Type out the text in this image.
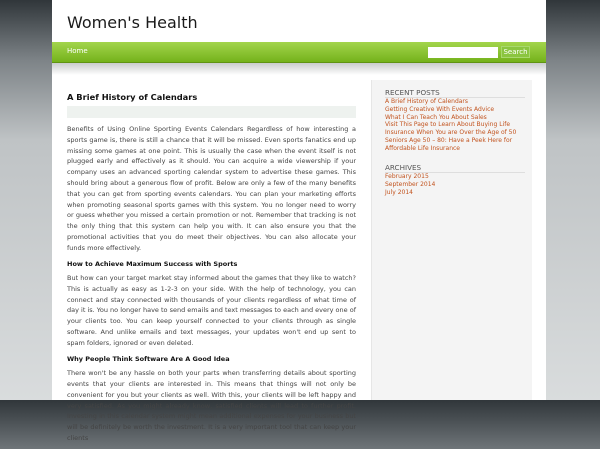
Women's Health
Home	Search
A Brief History of Calendars

Benefits of Using Online Sporting Events Calendars Regardless of how interesting a sports game is, there is still a chance that it will be missed. Even sports fanatics end up missing some games at one point. This is usually the case when the event itself is not plugged early and effectively as it should. You can acquire a wide viewership if your company uses an advanced sporting calendar system to advertise these games. This should bring about a generous flow of profit. Below are only a few of the many benefits that you can get from sporting events calendars. You can plan your marketing efforts when promoting seasonal sports games with this system. You no longer need to worry or guess whether you missed a certain promotion or not. Remember that tracking is not the only thing that this system can help you with. It can also ensure you that the promotional activities that you do meet their objectives. You can also allocate your funds more effectively.

How to Achieve Maximum Success with Sports

But how can your target market stay informed about the games that they like to watch? This is actually as easy as 1-2-3 on your side. With the help of technology, you can connect and stay connected with thousands of your clients regardless of what time of day it is. You no longer have to send emails and text messages to each and every one of your clients too. You can keep yourself connected to your clients through as single software. And unlike emails and text messages, your updates won't end up sent to spam folders, ignored or even deleted.

Why People Think Software Are A Good Idea

There won't be any hassle on both your parts when transferring details about sporting events that your clients are interested in. This means that things will not only be convenient for you but your clients as well. With this, your clients will be left happy and very satisfied. As you might already know, satisfied clients will lead to further profit. Investing in this calendar system might mean additional expenses for your business but will be definitely be worth the investment. It is a very important tool that can keep your clients

RECENT POSTS
A Brief History of Calendars
Getting Creative With Events Advice
What I Can Teach You About Sales
Visit This Page to Learn About Buying Life Insurance When You are Over the Age of 50
Seniors Age 50 – 80: Have a Peek Here for Affordable Life Insurance
ARCHIVES
February 2015
September 2014
July 2014
